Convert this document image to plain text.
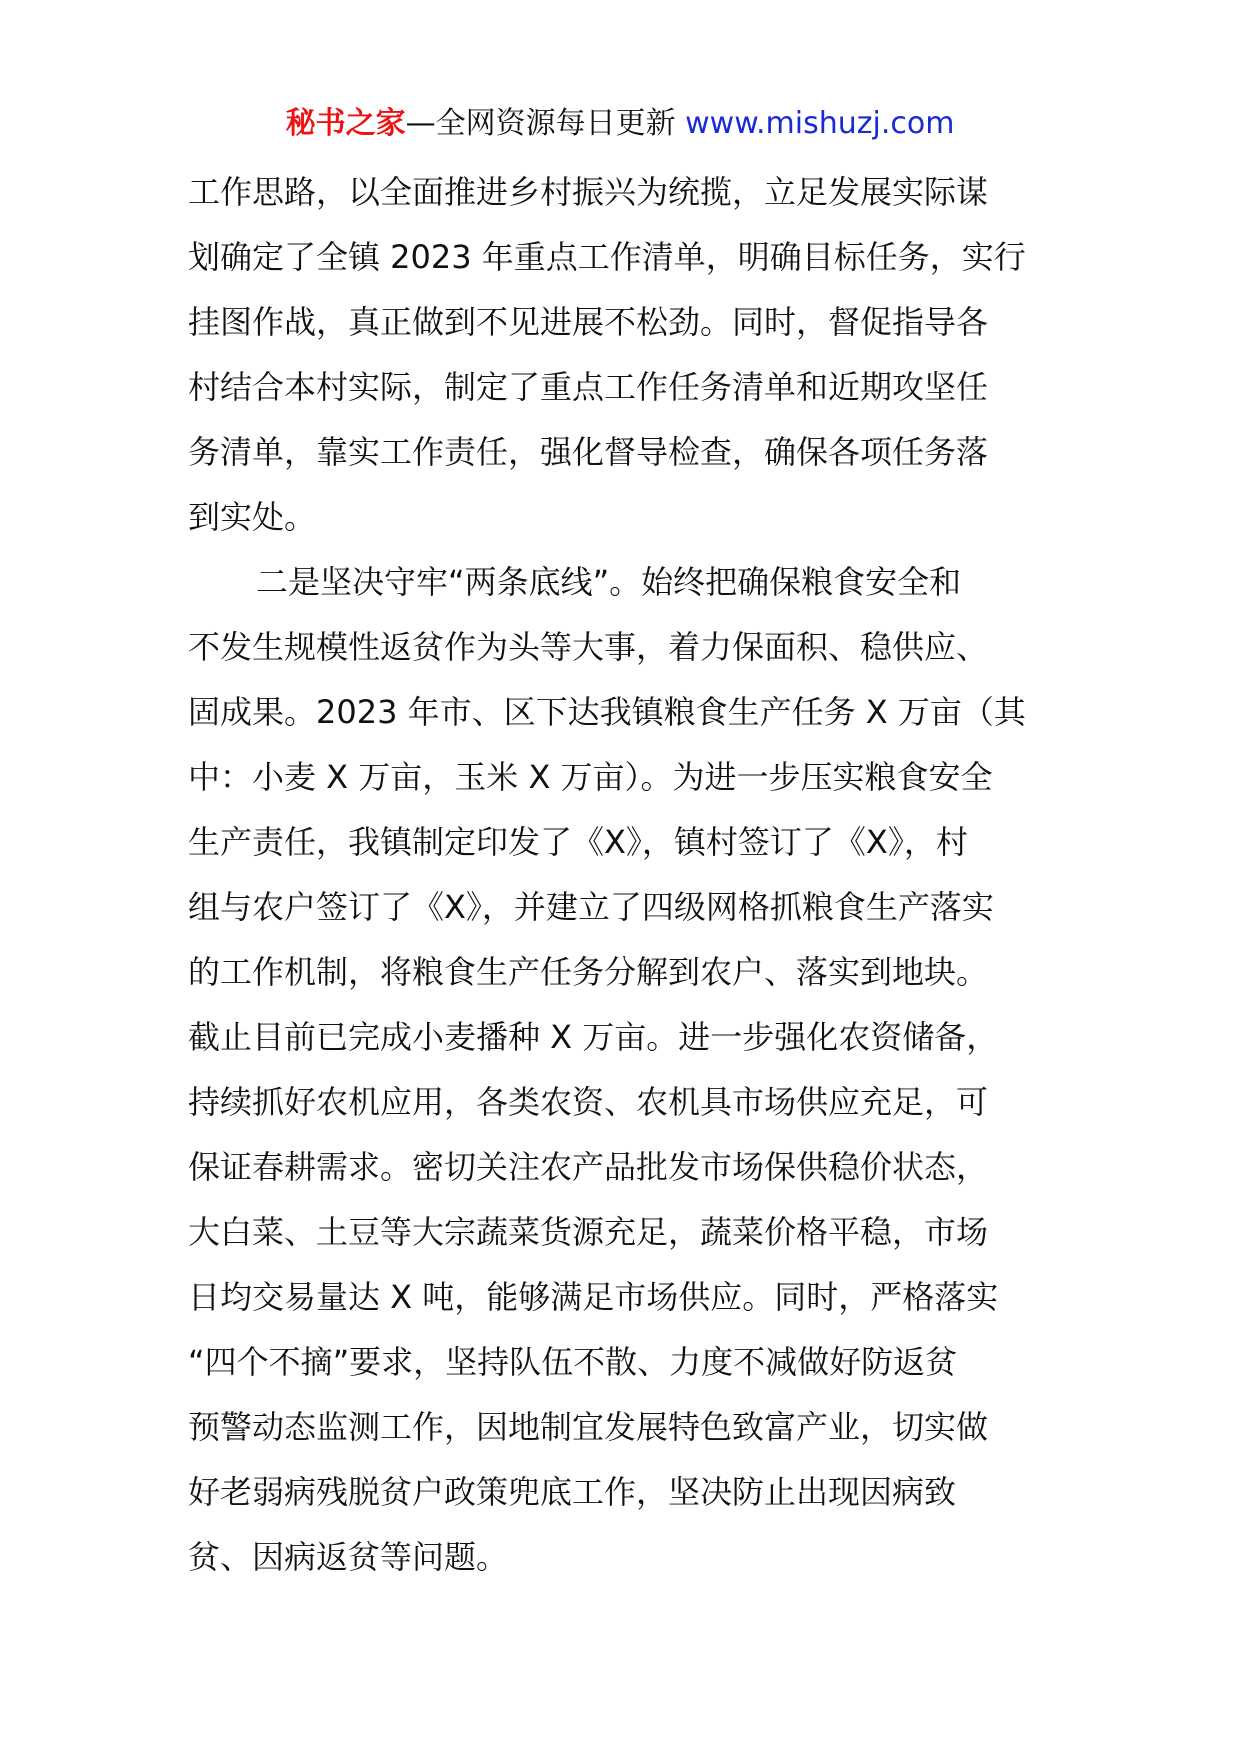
秘书之家—全网资源每日更新 www.mishuzj.com
工作思路，以全面推进乡村振兴为统揽，立足发展实际谋
划确定了全镇 2023 年重点工作清单，明确目标任务，实行
挂图作战，真正做到不见进展不松劲。同时，督促指导各
村结合本村实际，制定了重点工作任务清单和近期攻坚任
务清单，靠实工作责任，强化督导检查，确保各项任务落
到实处。
二是坚决守牢“两条底线”。始终把确保粮食安全和
不发生规模性返贫作为头等大事，着力保面积、稳供应、
固成果。2023 年市、区下达我镇粮食生产任务 X 万亩（其
中：小麦 X 万亩，玉米 X 万亩）。为进一步压实粮食安全
生产责任，我镇制定印发了《X》，镇村签订了《X》，村
组与农户签订了《X》，并建立了四级网格抓粮食生产落实
的工作机制，将粮食生产任务分解到农户、落实到地块。
截止目前已完成小麦播种 X 万亩。进一步强化农资储备，
持续抓好农机应用，各类农资、农机具市场供应充足，可
保证春耕需求。密切关注农产品批发市场保供稳价状态，
大白菜、土豆等大宗蔬菜货源充足，蔬菜价格平稳，市场
日均交易量达 X 吨，能够满足市场供应。同时，严格落实
“四个不摘”要求，坚持队伍不散、力度不减做好防返贫
预警动态监测工作，因地制宜发展特色致富产业，切实做
好老弱病残脱贫户政策兜底工作，坚决防止出现因病致
贫、因病返贫等问题。
